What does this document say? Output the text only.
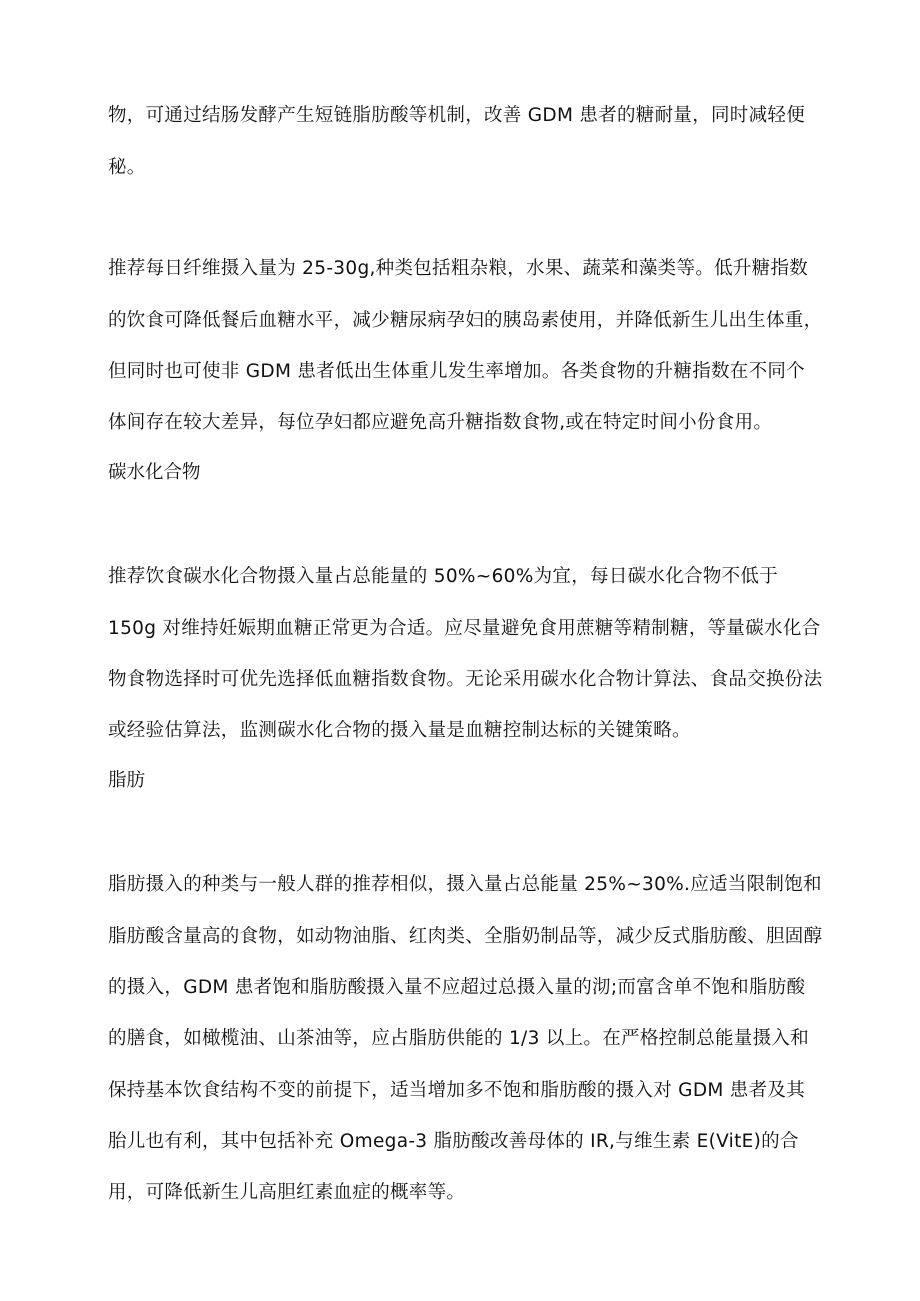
物，可通过结肠发酵产生短链脂肪酸等机制，改善 GDM 患者的糖耐量，同时减轻便
秘。
推荐每日纤维摄入量为 25-30g,种类包括粗杂粮，水果、蔬菜和藻类等。低升糖指数
的饮食可降低餐后血糖水平，减少糖尿病孕妇的胰岛素使用，并降低新生儿出生体重，
但同时也可使非 GDM 患者低出生体重儿发生率增加。各类食物的升糖指数在不同个
体间存在较大差异，每位孕妇都应避免高升糖指数食物,或在特定时间小份食用。
碳水化合物
推荐饮食碳水化合物摄入量占总能量的 50%~60%为宜，每日碳水化合物不低于
150g 对维持妊娠期血糖正常更为合适。应尽量避免食用蔗糖等精制糖，等量碳水化合
物食物选择时可优先选择低血糖指数食物。无论采用碳水化合物计算法、食品交换份法
或经验估算法，监测碳水化合物的摄入量是血糖控制达标的关键策略。
脂肪
脂肪摄入的种类与一般人群的推荐相似，摄入量占总能量 25%~30%.应适当限制饱和
脂肪酸含量高的食物，如动物油脂、红肉类、全脂奶制品等，减少反式脂肪酸、胆固醇
的摄入，GDM 患者饱和脂肪酸摄入量不应超过总摄入量的沏;而富含单不饱和脂肪酸
的膳食，如橄榄油、山茶油等，应占脂肪供能的 1/3 以上。在严格控制总能量摄入和
保持基本饮食结构不变的前提下，适当增加多不饱和脂肪酸的摄入对 GDM 患者及其
胎儿也有利，其中包括补充 Omega-3 脂肪酸改善母体的 IR,与维生素 E(VitE)的合
用，可降低新生儿高胆红素血症的概率等。
